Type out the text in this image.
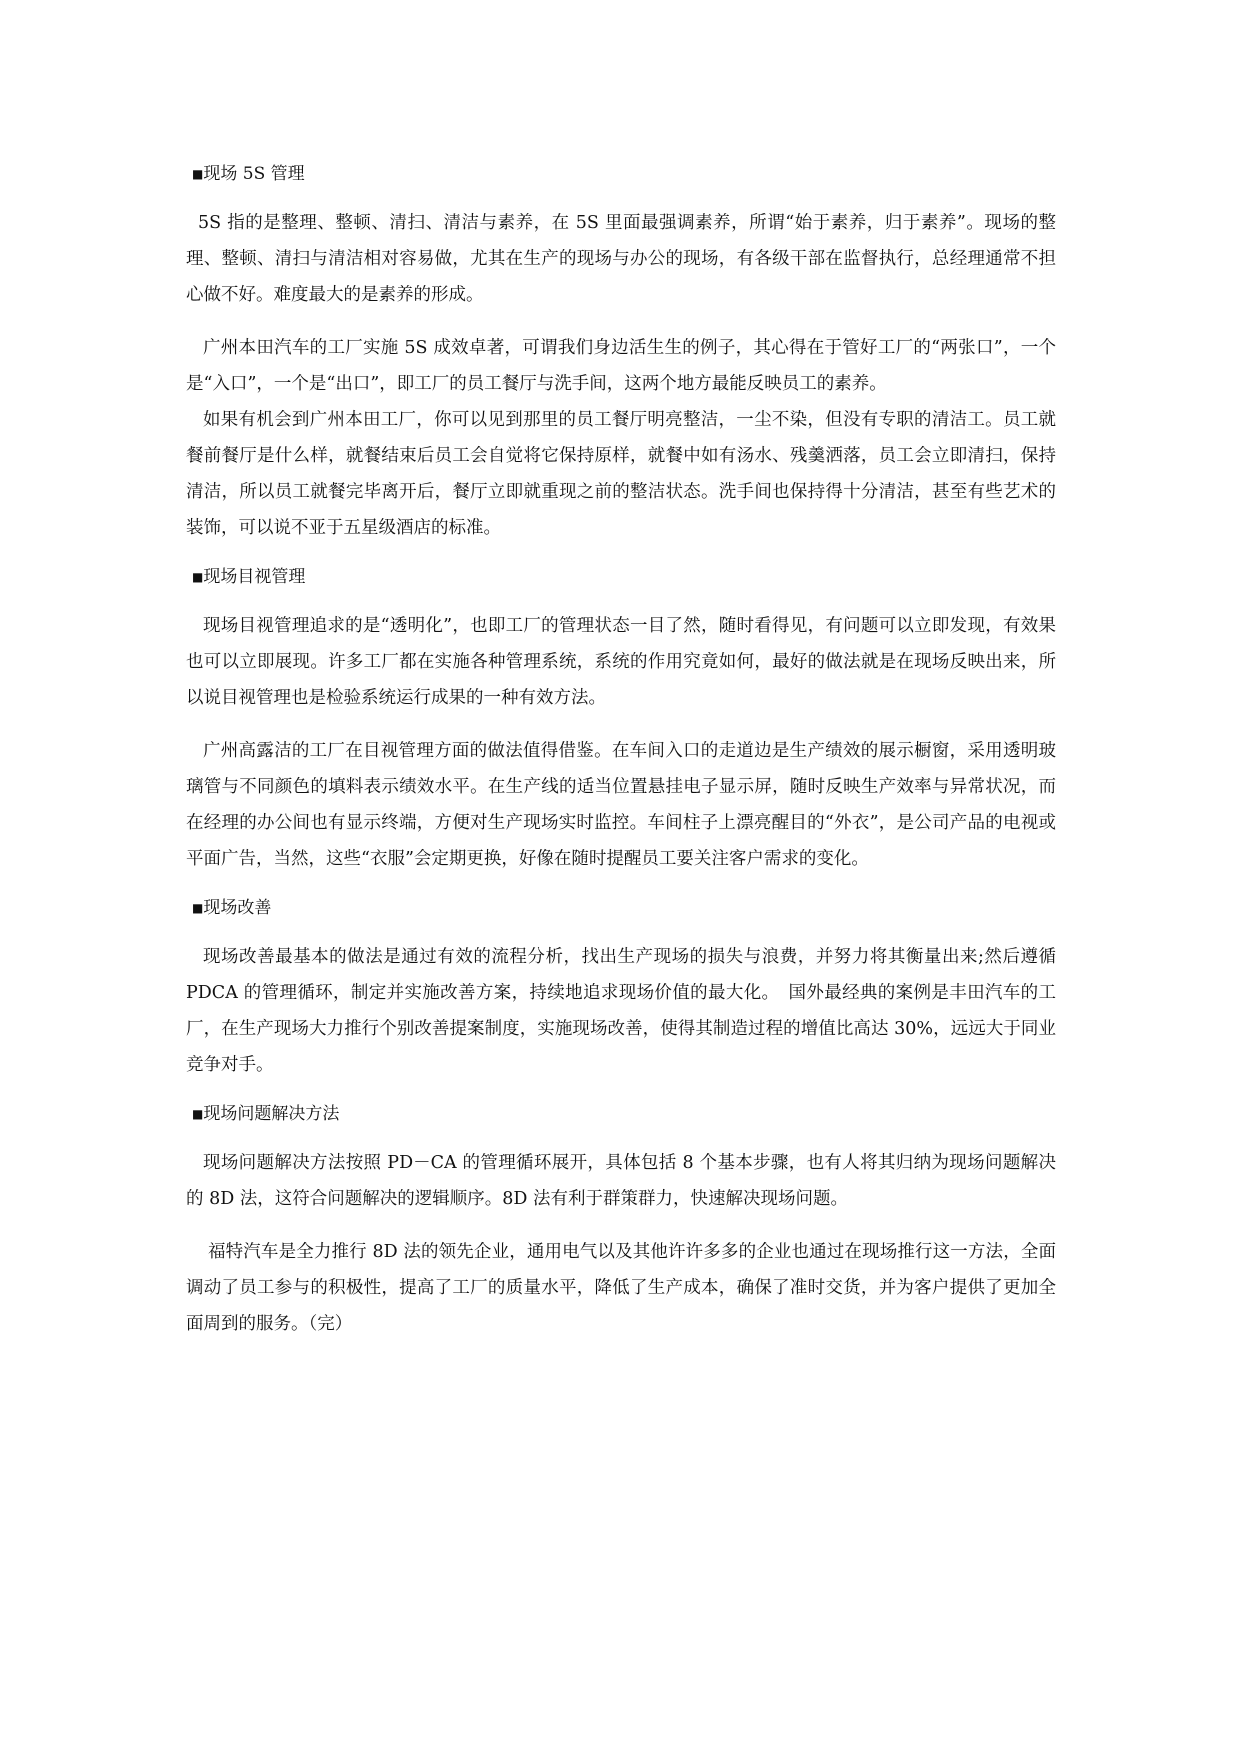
■现场 5S 管理

5S 指的是整理、整顿、清扫、清洁与素养，在 5S 里面最强调素养，所谓“始于素养，归于素养”。现场的整理、整顿、清扫与清洁相对容易做，尤其在生产的现场与办公的现场，有各级干部在监督执行，总经理通常不担心做不好。难度最大的是素养的形成。

广州本田汽车的工厂实施 5S 成效卓著，可谓我们身边活生生的例子，其心得在于管好工厂的“两张口”，一个是“入口”，一个是“出口”，即工厂的员工餐厅与洗手间，这两个地方最能反映员工的素养。

如果有机会到广州本田工厂，你可以见到那里的员工餐厅明亮整洁，一尘不染，但没有专职的清洁工。员工就餐前餐厅是什么样，就餐结束后员工会自觉将它保持原样，就餐中如有汤水、残羹洒落，员工会立即清扫，保持清洁，所以员工就餐完毕离开后，餐厅立即就重现之前的整洁状态。洗手间也保持得十分清洁，甚至有些艺术的装饰，可以说不亚于五星级酒店的标准。

■现场目视管理

现场目视管理追求的是“透明化”，也即工厂的管理状态一目了然，随时看得见，有问题可以立即发现，有效果也可以立即展现。许多工厂都在实施各种管理系统，系统的作用究竟如何，最好的做法就是在现场反映出来，所以说目视管理也是检验系统运行成果的一种有效方法。

广州高露洁的工厂在目视管理方面的做法值得借鉴。在车间入口的走道边是生产绩效的展示橱窗，采用透明玻璃管与不同颜色的填料表示绩效水平。在生产线的适当位置悬挂电子显示屏，随时反映生产效率与异常状况，而在经理的办公间也有显示终端，方便对生产现场实时监控。车间柱子上漂亮醒目的“外衣”，是公司产品的电视或平面广告，当然，这些“衣服”会定期更换，好像在随时提醒员工要关注客户需求的变化。

■现场改善

现场改善最基本的做法是通过有效的流程分析，找出生产现场的损失与浪费，并努力将其衡量出来;然后遵循 PDCA 的管理循环，制定并实施改善方案，持续地追求现场价值的最大化。　国外最经典的案例是丰田汽车的工厂，在生产现场大力推行个别改善提案制度，实施现场改善，使得其制造过程的增值比高达 30%，远远大于同业竞争对手。

■现场问题解决方法

现场问题解决方法按照 PD－CA 的管理循环展开，具体包括 8 个基本步骤，也有人将其归纳为现场问题解决的 8D 法，这符合问题解决的逻辑顺序。8D 法有利于群策群力，快速解决现场问题。

福特汽车是全力推行 8D 法的领先企业，通用电气以及其他许许多多的企业也通过在现场推行这一方法，全面调动了员工参与的积极性，提高了工厂的质量水平，降低了生产成本，确保了准时交货，并为客户提供了更加全面周到的服务。（完）
